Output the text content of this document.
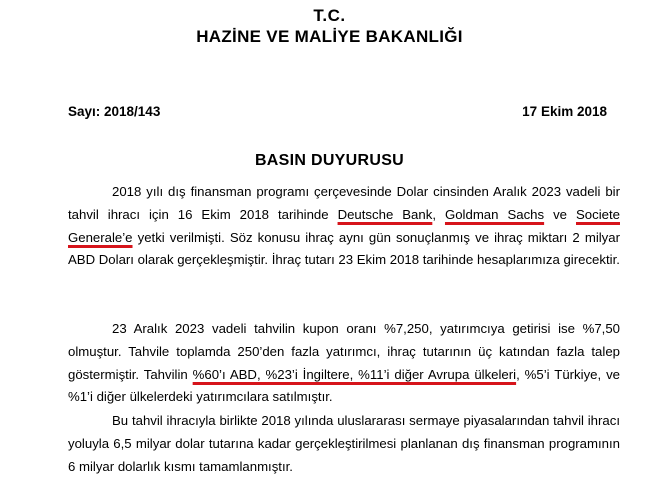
T.C.
HAZİNE VE MALİYE BAKANLIĞI
Sayı: 2018/143	17 Ekim 2018
BASIN DUYURUSU

2018 yılı dış finansman programı çerçevesinde Dolar cinsinden Aralık 2023 vadeli bir tahvil ihracı için 16 Ekim 2018 tarihinde Deutsche Bank, Goldman Sachs ve Societe Generale’e yetki verilmişti. Söz konusu ihraç aynı gün sonuçlanmış ve ihraç miktarı 2 milyar ABD Doları olarak gerçekleşmiştir. İhraç tutarı 23 Ekim 2018 tarihinde hesaplarımıza girecektir.

23 Aralık 2023 vadeli tahvilin kupon oranı %7,250, yatırımcıya getirisi ise %7,50 olmuştur. Tahvile toplamda 250’den fazla yatırımcı, ihraç tutarının üç katından fazla talep göstermiştir. Tahvilin %60’ı ABD, %23’i İngiltere, %11’i diğer Avrupa ülkeleri, %5’i Türkiye, ve %1’i diğer ülkelerdeki yatırımcılara satılmıştır.

Bu tahvil ihracıyla birlikte 2018 yılında uluslararası sermaye piyasalarından tahvil ihracı yoluyla 6,5 milyar dolar tutarına kadar gerçekleştirilmesi planlanan dış finansman programının 6 milyar dolarlık kısmı tamamlanmıştır.
